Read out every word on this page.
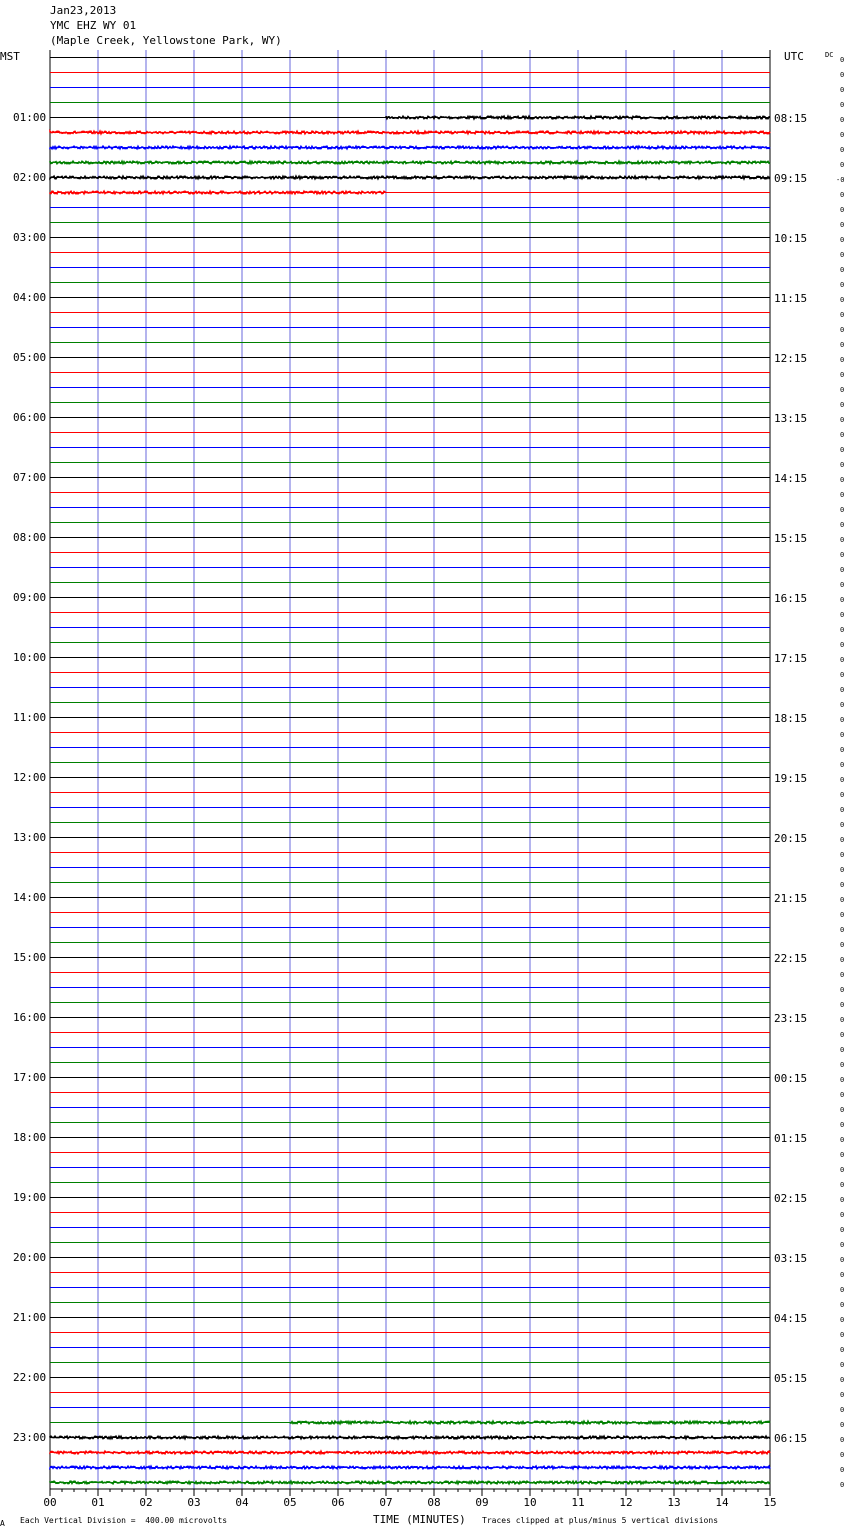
Jan23,2013
YMC EHZ WY 01
(Maple Creek, Yellowstone Park, WY)
MST	UTC	DC
01:00
02:00
03:00
04:00
05:00
06:00
07:00
08:00
09:00
10:00
11:00
12:00
13:00
14:00
15:00
16:00
17:00
18:00
19:00
20:00
21:00
22:00
23:00
08:15
09:15
10:15
11:15
12:15
13:15
14:15
15:15
16:15
17:15
18:15
19:15
20:15
21:15
22:15
23:15
00:15
01:15
02:15
03:15
04:15
05:15
06:15
0
0
0
0
0
0
0
0
-0
0
0
0
0
0
0
0
0
0
0
0
0
0
0
0
0
0
0
0
0
0
0
0
0
0
0
0
0
0
0
0
0
0
0
0
0
0
0
0
0
0
0
0
0
0
0
0
0
0
0
0
0
0
0
0
0
0
0
0
0
0
0
0
0
0
0
0
0
0
0
0
0
0
0
0
0
0
0
0
0
0
0
0
0
0
0
0
00	01	02	03	04	05	06	07	08	09	10	11	12	13	14	15
A Each Vertical Division =  400.00 microvolts	TIME (MINUTES) Traces clipped at plus/minus 5 vertical divisions
